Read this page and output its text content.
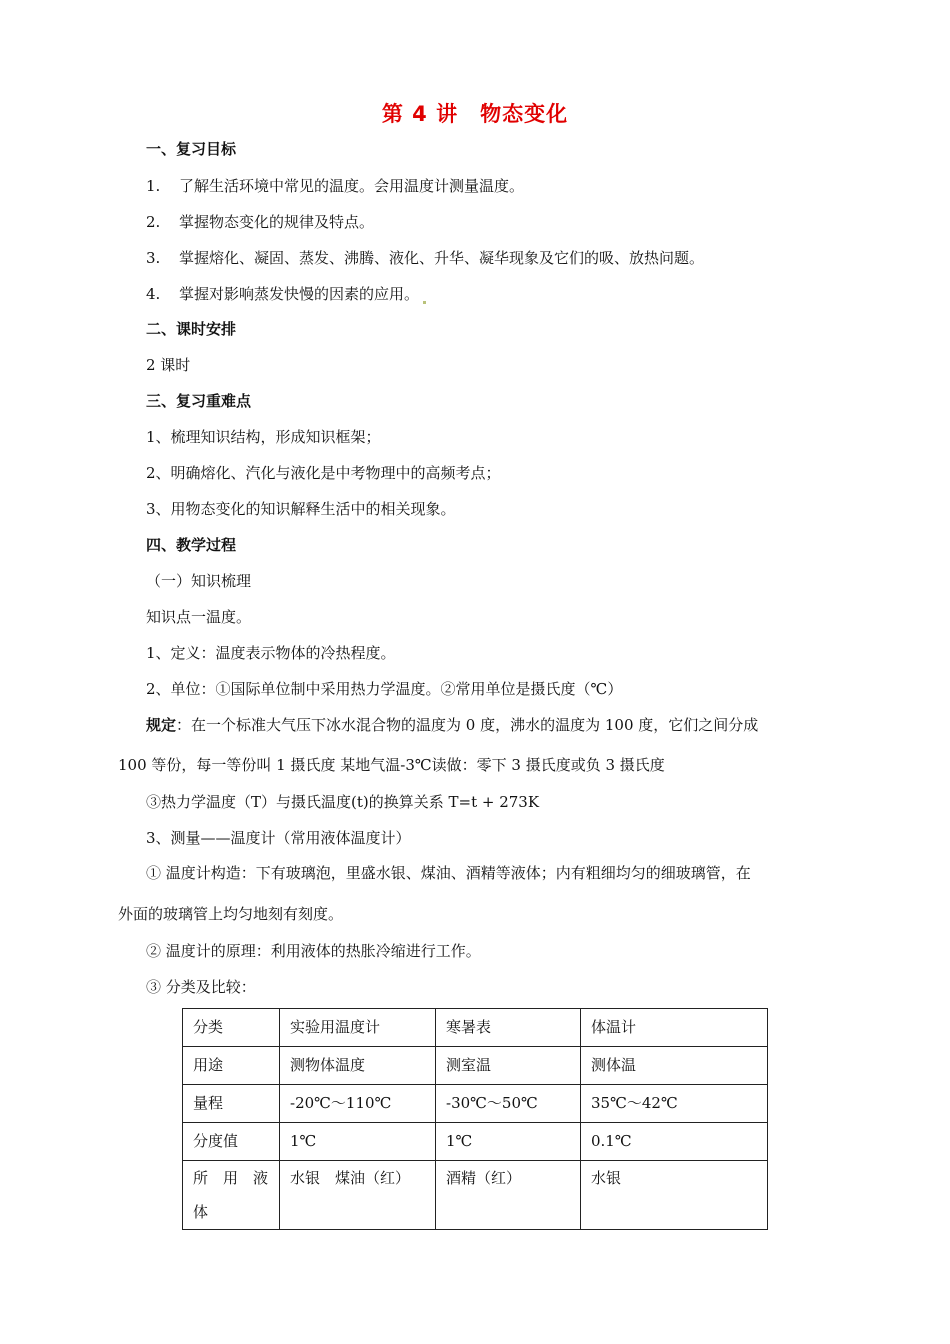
第 4 讲　物态变化
一、复习目标
1. 了解生活环境中常见的温度。会用温度计测量温度。
2. 掌握物态变化的规律及特点。
3. 掌握熔化、凝固、蒸发、沸腾、液化、升华、凝华现象及它们的吸、放热问题。
4. 掌握对影响蒸发快慢的因素的应用。
二、课时安排
2 课时
三、复习重难点
1、梳理知识结构，形成知识框架；
2、明确熔化、汽化与液化是中考物理中的高频考点；
3、用物态变化的知识解释生活中的相关现象。
四、教学过程
（一）知识梳理
知识点一温度。
1、定义：温度表示物体的冷热程度。
2、单位：①国际单位制中采用热力学温度。②常用单位是摄氏度（℃）
规定：在一个标准大气压下冰水混合物的温度为 0 度，沸水的温度为 100 度，它们之间分成
100 等份，每一等份叫 1 摄氏度 某地气温-3℃读做：零下 3 摄氏度或负 3 摄氏度
③热力学温度（T）与摄氏温度(t)的换算关系 T=t + 273K
3、测量——温度计（常用液体温度计）
① 温度计构造：下有玻璃泡，里盛水银、煤油、酒精等液体；内有粗细均匀的细玻璃管，在
外面的玻璃管上均匀地刻有刻度。
② 温度计的原理：利用液体的热胀冷缩进行工作。
③ 分类及比较：
分类	实验用温度计	寒暑表	体温计
用途	测物体温度	测室温	测体温
量程	-20℃～110℃	-30℃～50℃	35℃～42℃
分度值	1℃	1℃	0.1℃

所　用　液
体	水银　煤油（红）	酒精（红）	水银
